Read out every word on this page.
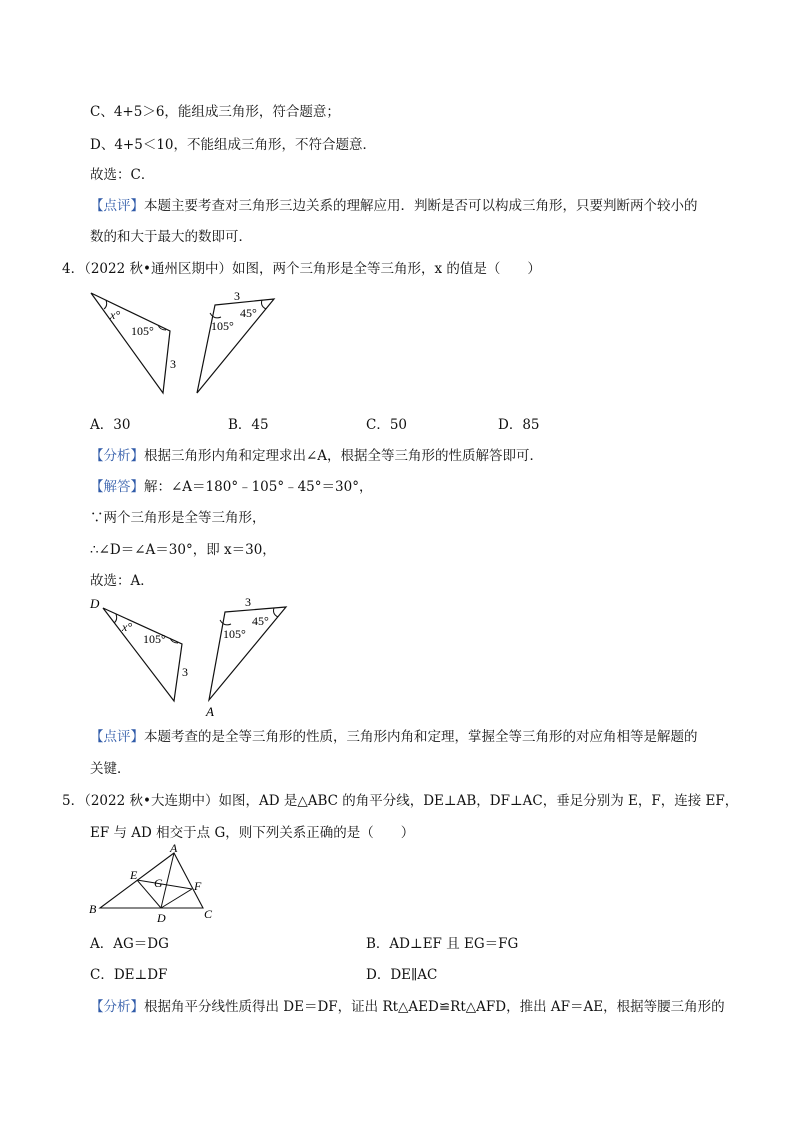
C、4+5＞6，能组成三角形，符合题意；
D、4+5＜10，不能组成三角形，不符合题意．
故选：C．
【点评】本题主要考查对三角形三边关系的理解应用．判断是否可以构成三角形，只要判断两个较小的
数的和大于最大的数即可．
4．（2022 秋•通州区期中）如图，两个三角形是全等三角形，x 的值是（　　）
x°
105°
3
3
105°
45°
A．30	B．45	C．50	D．85
【分析】根据三角形内角和定理求出∠A，根据全等三角形的性质解答即可．
【解答】解：∠A＝180°﹣105°﹣45°＝30°，
∵两个三角形是全等三角形，
∴∠D＝∠A＝30°，即 x＝30，
故选：A．
D
x°
105°
3
3
105°
45°
A
【点评】本题考查的是全等三角形的性质，三角形内角和定理，掌握全等三角形的对应角相等是解题的
关键．
5．（2022 秋•大连期中）如图，AD 是△ABC 的角平分线，DE⊥AB，DF⊥AC，垂足分别为 E，F，连接 EF，
EF 与 AD 相交于点 G，则下列关系正确的是（　　）
A
B	C
D
E
F
G
A．AG＝DG	B．AD⊥EF 且 EG＝FG
C．DE⊥DF	D．DE∥AC
【分析】根据角平分线性质得出 DE＝DF，证出 Rt△AED≌Rt△AFD，推出 AF＝AE，根据等腰三角形的
